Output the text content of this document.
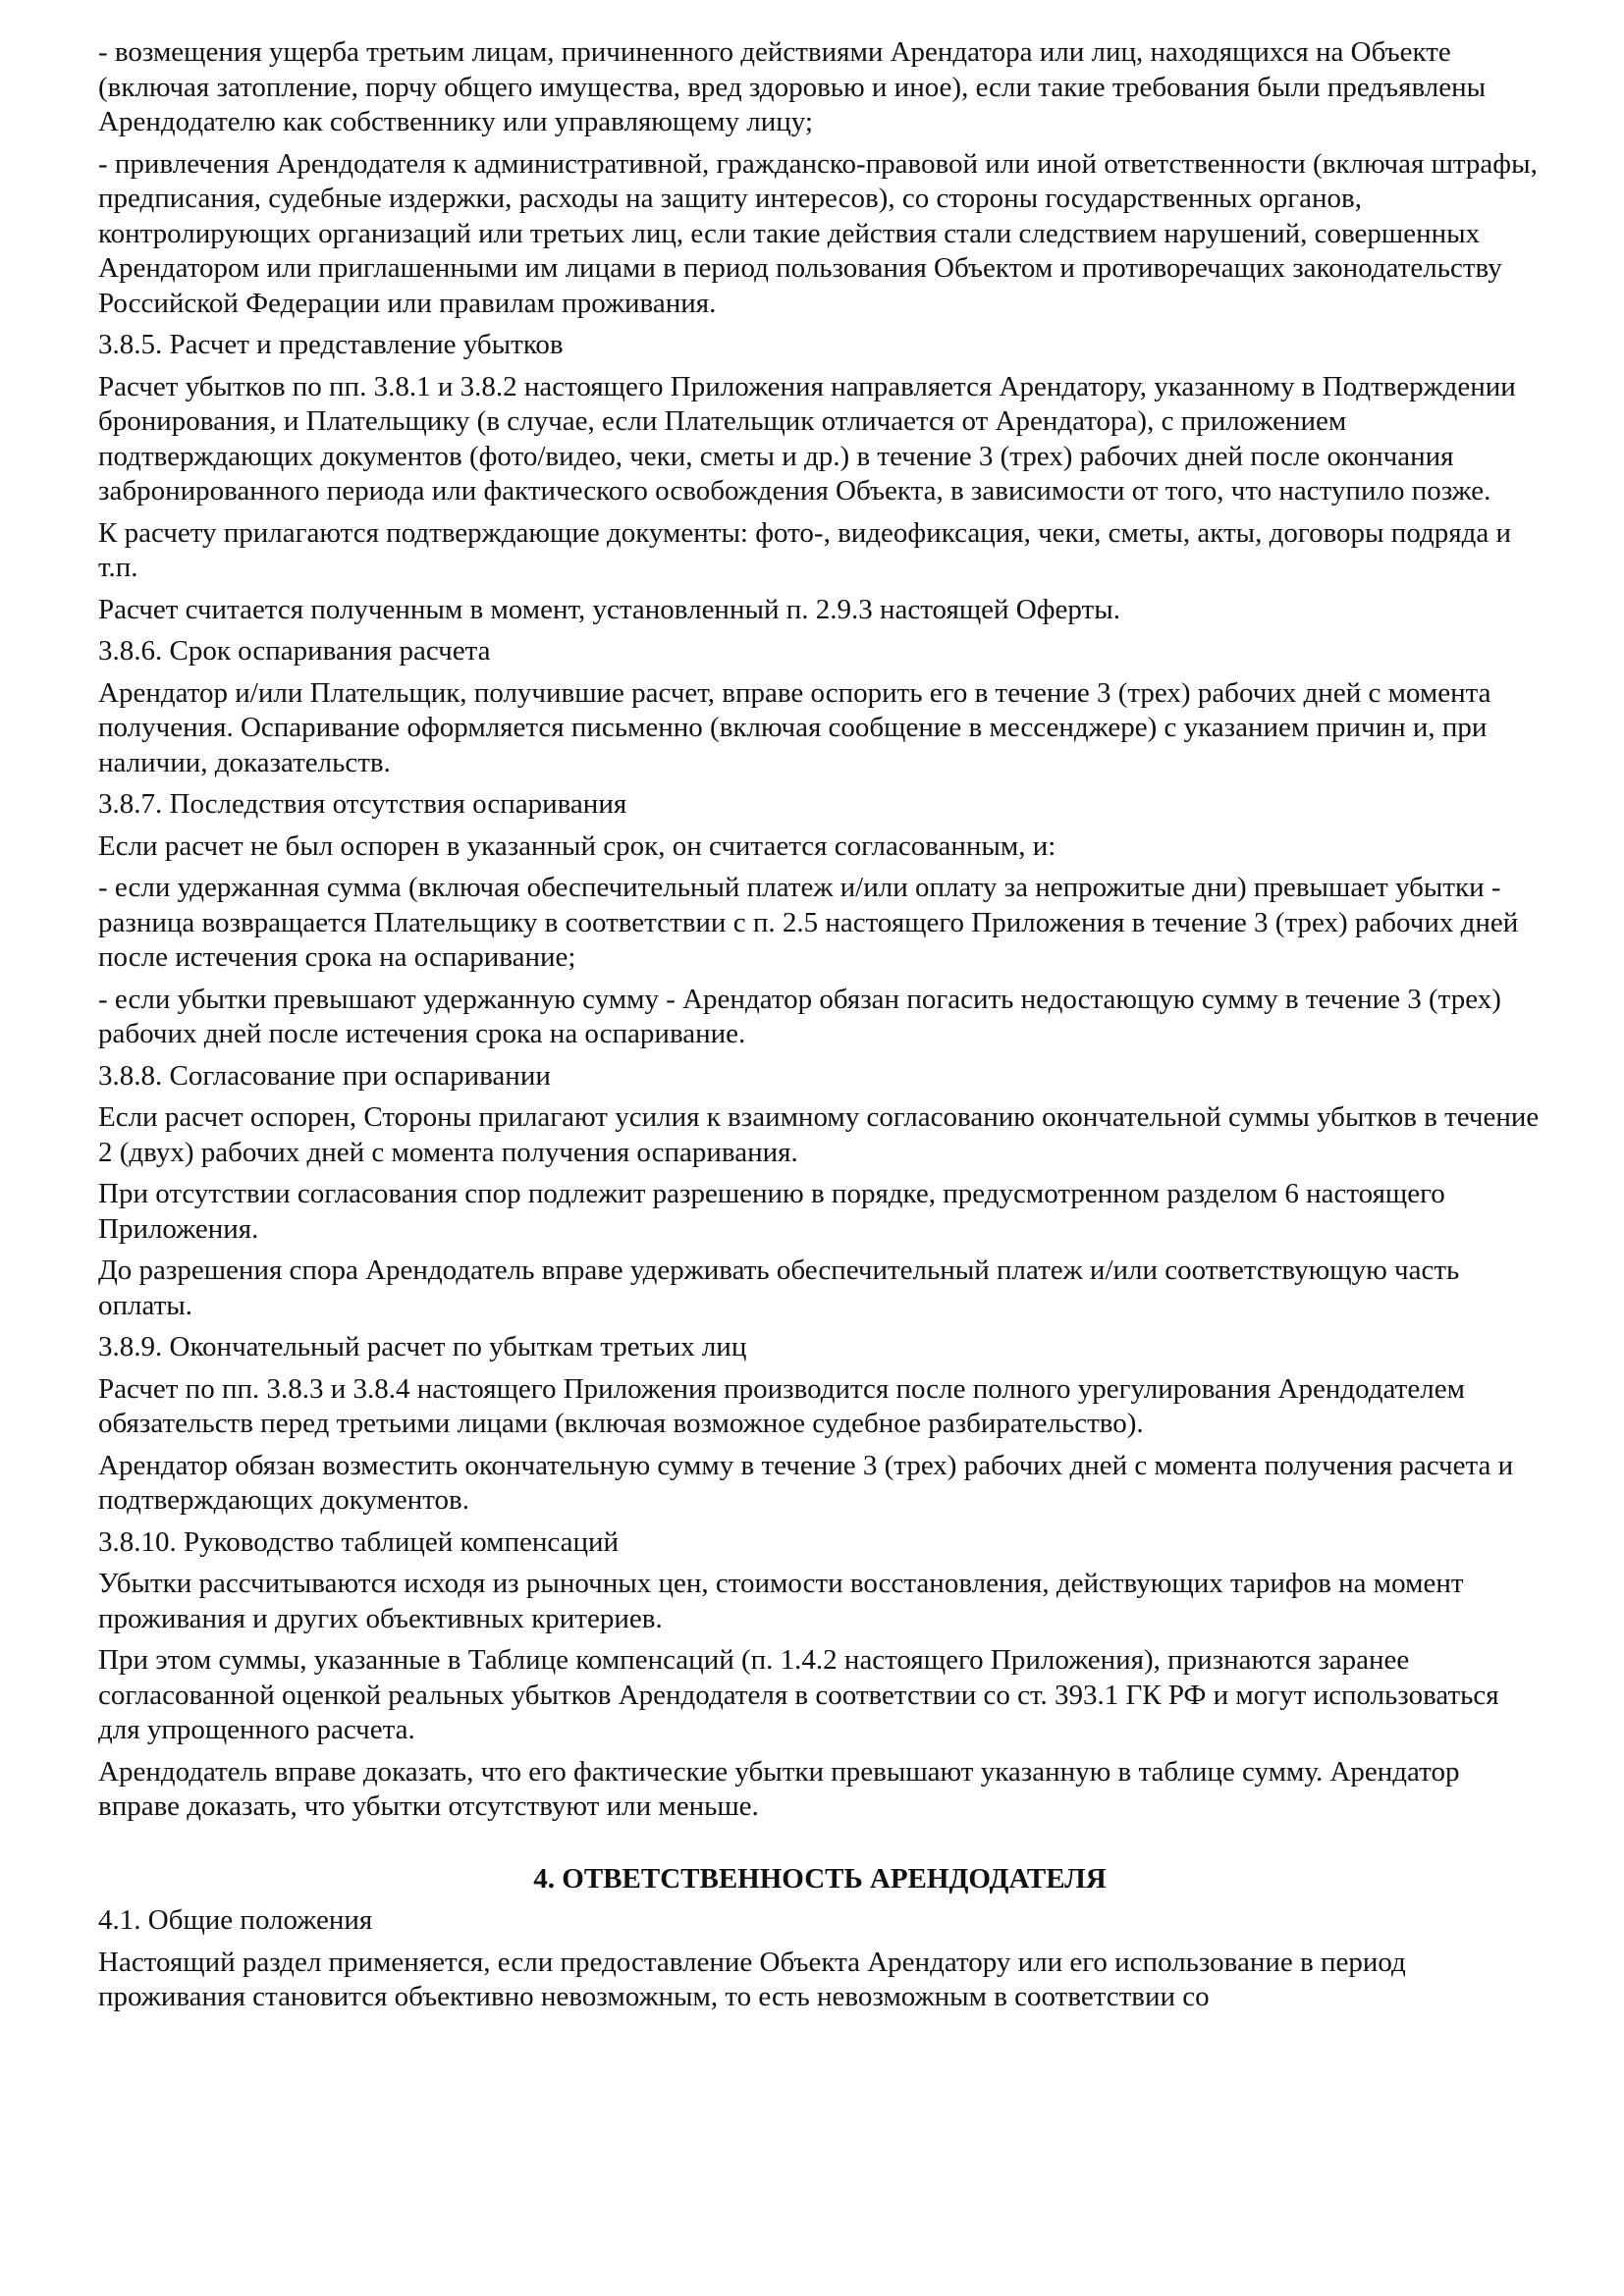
- возмещения ущерба третьим лицам, причиненного действиями Арендатора или лиц, находящихся на Объекте (включая затопление, порчу общего имущества, вред здоровью и иное), если такие требования были предъявлены Арендодателю как собственнику или управляющему лицу;

- привлечения Арендодателя к административной, гражданско-правовой или иной ответственности (включая штрафы, предписания, судебные издержки, расходы на защиту интересов), со стороны государственных органов, контролирующих организаций или третьих лиц, если такие действия стали следствием нарушений, совершенных Арендатором или приглашенными им лицами в период пользования Объектом и противоречащих законодательству Российской Федерации или правилам проживания.

3.8.5. Расчет и представление убытков

Расчет убытков по пп. 3.8.1 и 3.8.2 настоящего Приложения направляется Арендатору, указанному в Подтверждении бронирования, и Плательщику (в случае, если Плательщик отличается от Арендатора), с приложением подтверждающих документов (фото/видео, чеки, сметы и др.) в течение 3 (трех) рабочих дней после окончания забронированного периода или фактического освобождения Объекта, в зависимости от того, что наступило позже.

К расчету прилагаются подтверждающие документы: фото-, видеофиксация, чеки, сметы, акты, договоры подряда и т.п.

Расчет считается полученным в момент, установленный п. 2.9.3 настоящей Оферты.

3.8.6. Срок оспаривания расчета

Арендатор и/или Плательщик, получившие расчет, вправе оспорить его в течение 3 (трех) рабочих дней с момента получения. Оспаривание оформляется письменно (включая сообщение в мессенджере) с указанием причин и, при наличии, доказательств.

3.8.7. Последствия отсутствия оспаривания

Если расчет не был оспорен в указанный срок, он считается согласованным, и:

- если удержанная сумма (включая обеспечительный платеж и/или оплату за непрожитые дни) превышает убытки - разница возвращается Плательщику в соответствии с п. 2.5 настоящего Приложения в течение 3 (трех) рабочих дней после истечения срока на оспаривание;

- если убытки превышают удержанную сумму - Арендатор обязан погасить недостающую сумму в течение 3 (трех) рабочих дней после истечения срока на оспаривание.

3.8.8. Согласование при оспаривании

Если расчет оспорен, Стороны прилагают усилия к взаимному согласованию окончательной суммы убытков в течение 2 (двух) рабочих дней с момента получения оспаривания.

При отсутствии согласования спор подлежит разрешению в порядке, предусмотренном разделом 6 настоящего Приложения.

До разрешения спора Арендодатель вправе удерживать обеспечительный платеж и/или соответствующую часть оплаты.

3.8.9. Окончательный расчет по убыткам третьих лиц

Расчет по пп. 3.8.3 и 3.8.4 настоящего Приложения производится после полного урегулирования Арендодателем обязательств перед третьими лицами (включая возможное судебное разбирательство).

Арендатор обязан возместить окончательную сумму в течение 3 (трех) рабочих дней с момента получения расчета и подтверждающих документов.

3.8.10. Руководство таблицей компенсаций

Убытки рассчитываются исходя из рыночных цен, стоимости восстановления, действующих тарифов на момент проживания и других объективных критериев.

При этом суммы, указанные в Таблице компенсаций (п. 1.4.2 настоящего Приложения), признаются заранее согласованной оценкой реальных убытков Арендодателя в соответствии со ст. 393.1 ГК РФ и могут использоваться для упрощенного расчета.

Арендодатель вправе доказать, что его фактические убытки превышают указанную в таблице сумму. Арендатор вправе доказать, что убытки отсутствуют или меньше.

4. ОТВЕТСТВЕННОСТЬ АРЕНДОДАТЕЛЯ

4.1. Общие положения

Настоящий раздел применяется, если предоставление Объекта Арендатору или его использование в период проживания становится объективно невозможным, то есть невозможным в соответствии со
